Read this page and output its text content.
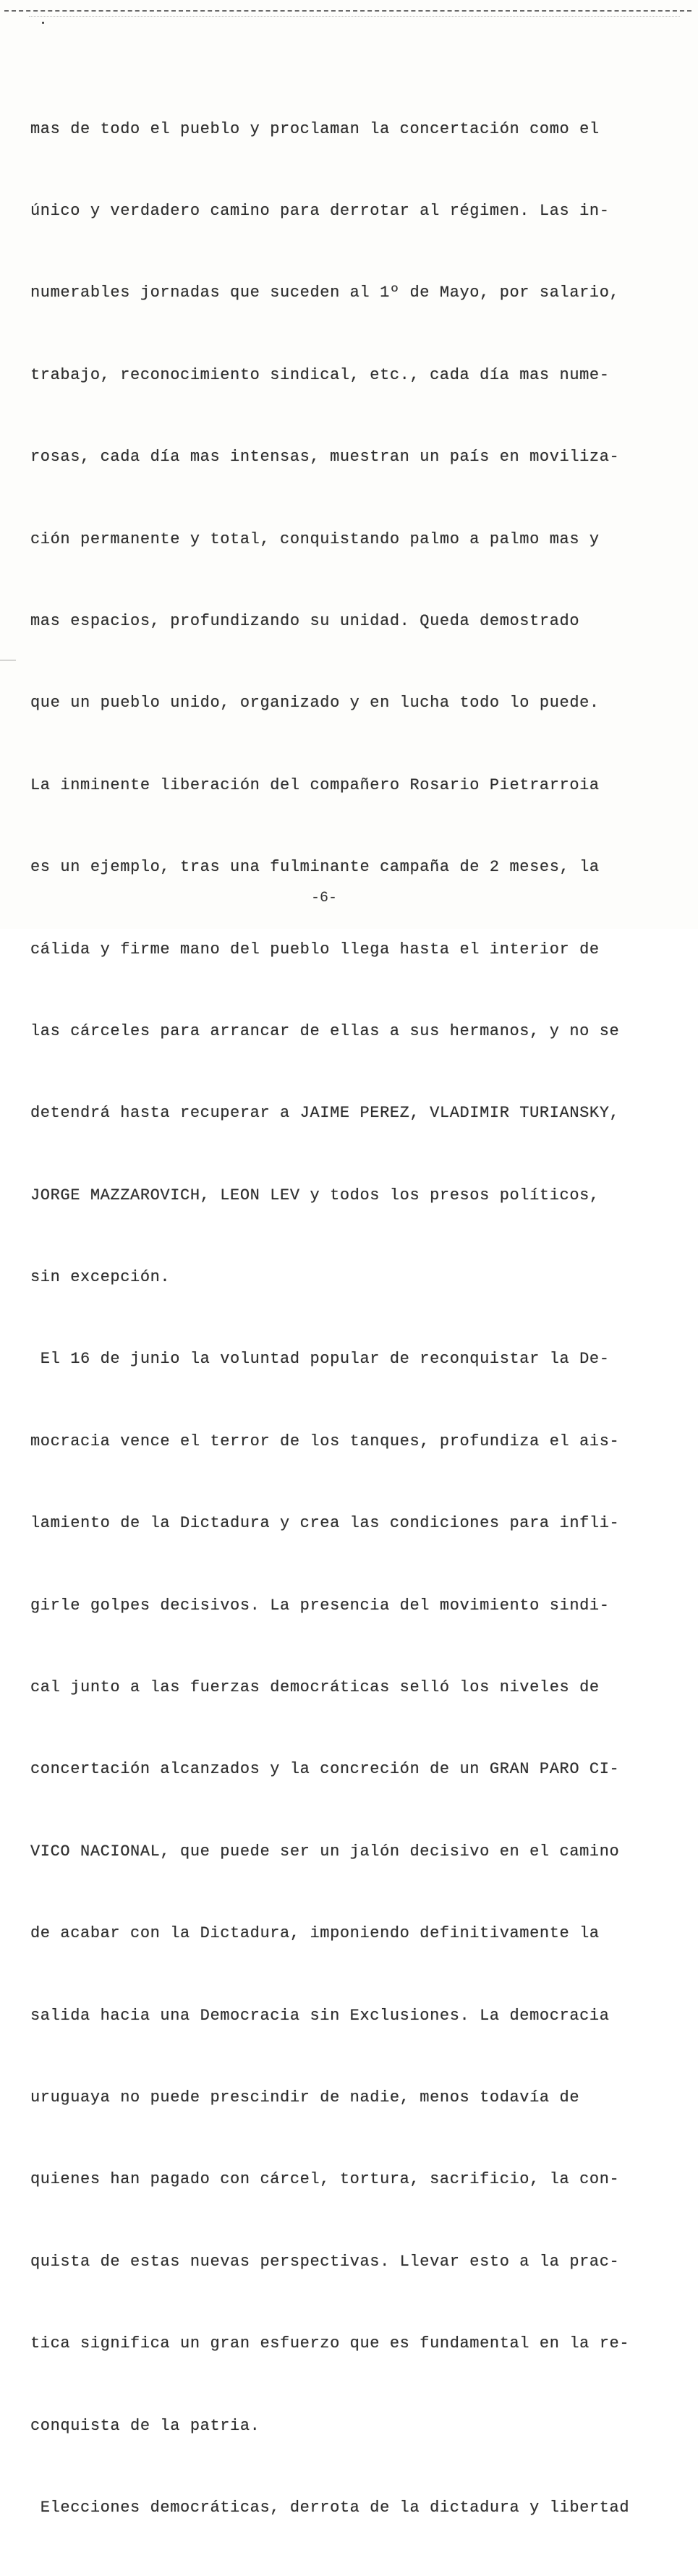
mas de todo el pueblo y proclaman la concertación como el

único y verdadero camino para derrotar al régimen. Las in-

numerables jornadas que suceden al 1º de Mayo, por salario,

trabajo, reconocimiento sindical, etc., cada día mas nume-

rosas, cada día mas intensas, muestran un país en moviliza-

ción permanente y total, conquistando palmo a palmo mas y

mas espacios, profundizando su unidad. Queda demostrado

que un pueblo unido, organizado y en lucha todo lo puede.

La inminente liberación del compañero Rosario Pietrarroia

es un ejemplo, tras una fulminante campaña de 2 meses, la

cálida y firme mano del pueblo llega hasta el interior de

las cárceles para arrancar de ellas a sus hermanos, y no se

detendrá hasta recuperar a JAIME PEREZ, VLADIMIR TURIANSKY,

JORGE MAZZAROVICH, LEON LEV y todos los presos políticos,

sin excepción.

El 16 de junio la voluntad popular de reconquistar la De-

mocracia vence el terror de los tanques, profundiza el ais-

lamiento de la Dictadura y crea las condiciones para infli-

girle golpes decisivos. La presencia del movimiento sindi-

cal junto a las fuerzas democráticas selló los niveles de

concertación alcanzados y la concreción de un GRAN PARO CI-

VICO NACIONAL, que puede ser un jalón decisivo en el camino

de acabar con la Dictadura, imponiendo definitivamente la

salida hacia una Democracia sin Exclusiones. La democracia

uruguaya no puede prescindir de nadie, menos todavía de

quienes han pagado con cárcel, tortura, sacrificio, la con-

quista de estas nuevas perspectivas. Llevar esto a la prac-

tica significa un gran esfuerzo que es fundamental en la re-

conquista de la patria.

Elecciones democráticas, derrota de la dictadura y libertad

-6-
